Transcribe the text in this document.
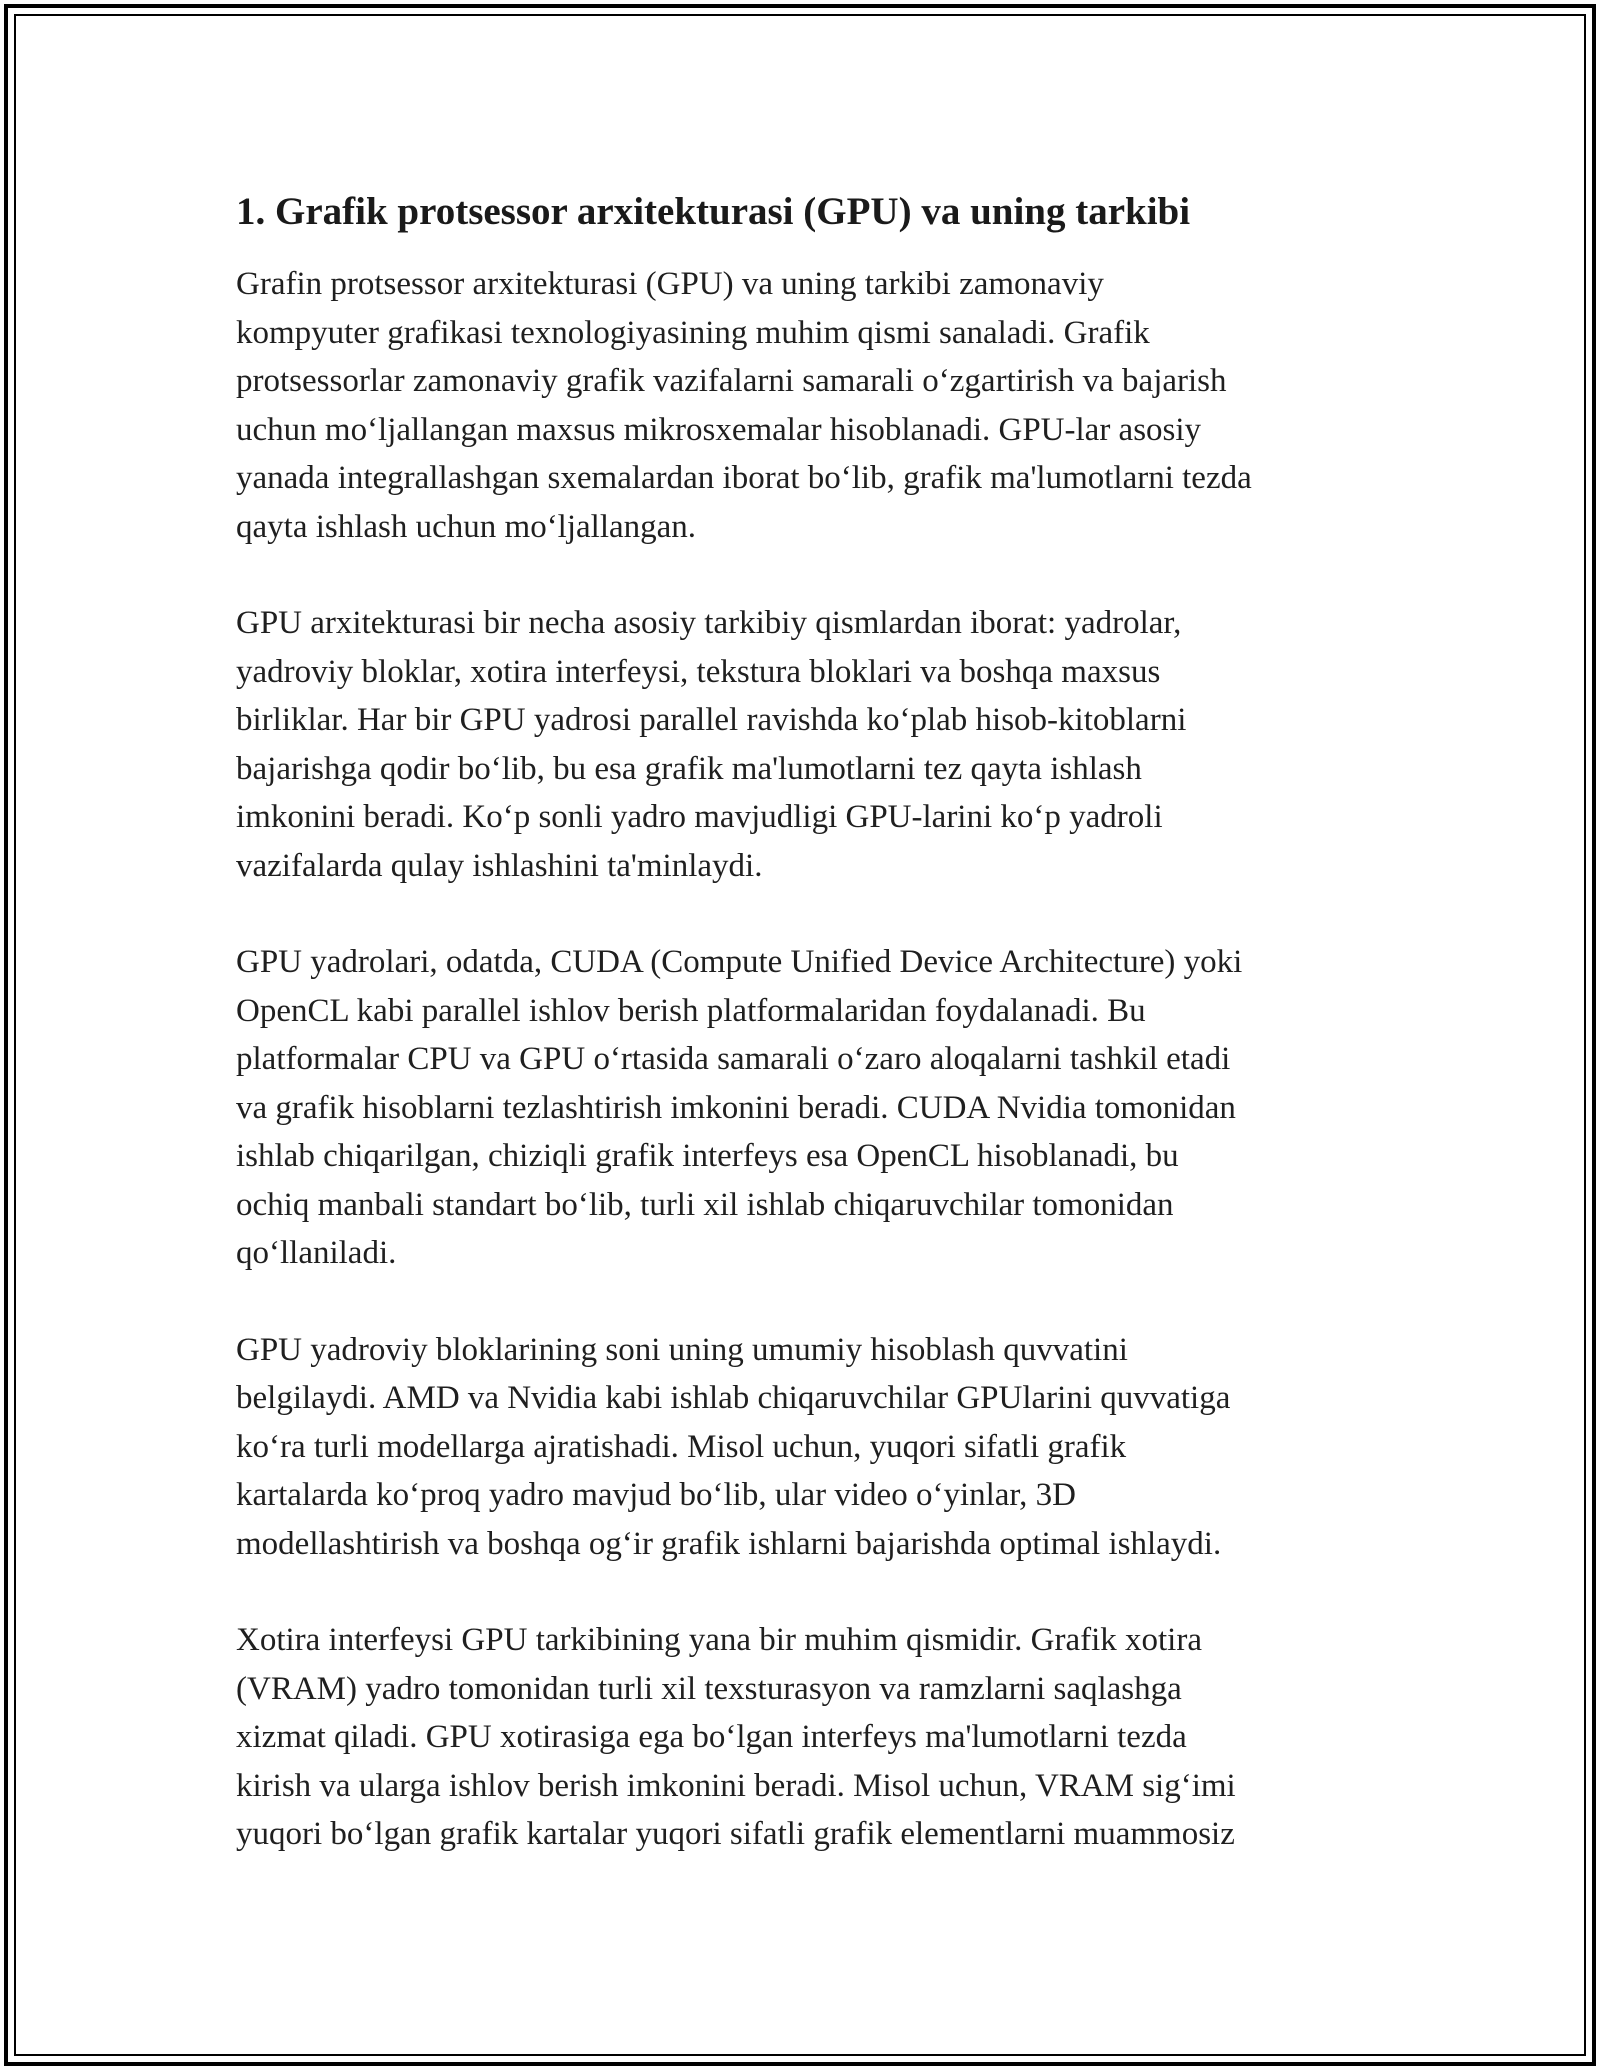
1. Grafik protsessor arxitekturasi (GPU) va uning tarkibi

Grafin protsessor arxitekturasi (GPU) va uning tarkibi zamonaviy
kompyuter grafikasi texnologiyasining muhim qismi sanaladi. Grafik
protsessorlar zamonaviy grafik vazifalarni samarali oʻzgartirish va bajarish
uchun moʻljallangan maxsus mikrosxemalar hisoblanadi. GPU-lar asosiy
yanada integrallashgan sxemalardan iborat boʻlib, grafik ma'lumotlarni tezda
qayta ishlash uchun moʻljallangan.

GPU arxitekturasi bir necha asosiy tarkibiy qismlardan iborat: yadrolar,
yadroviy bloklar, xotira interfeysi, tekstura bloklari va boshqa maxsus
birliklar. Har bir GPU yadrosi parallel ravishda koʻplab hisob-kitoblarni
bajarishga qodir boʻlib, bu esa grafik ma'lumotlarni tez qayta ishlash
imkonini beradi. Koʻp sonli yadro mavjudligi GPU-larini koʻp yadroli
vazifalarda qulay ishlashini ta'minlaydi.

GPU yadrolari, odatda, CUDA (Compute Unified Device Architecture) yoki
OpenCL kabi parallel ishlov berish platformalaridan foydalanadi. Bu
platformalar CPU va GPU oʻrtasida samarali oʻzaro aloqalarni tashkil etadi
va grafik hisoblarni tezlashtirish imkonini beradi. CUDA Nvidia tomonidan
ishlab chiqarilgan, chiziqli grafik interfeys esa OpenCL hisoblanadi, bu
ochiq manbali standart boʻlib, turli xil ishlab chiqaruvchilar tomonidan
qoʻllaniladi.

GPU yadroviy bloklarining soni uning umumiy hisoblash quvvatini
belgilaydi. AMD va Nvidia kabi ishlab chiqaruvchilar GPUlarini quvvatiga
koʻra turli modellarga ajratishadi. Misol uchun, yuqori sifatli grafik
kartalarda koʻproq yadro mavjud boʻlib, ular video oʻyinlar, 3D
modellashtirish va boshqa ogʻir grafik ishlarni bajarishda optimal ishlaydi.

Xotira interfeysi GPU tarkibining yana bir muhim qismidir. Grafik xotira
(VRAM) yadro tomonidan turli xil texsturasyon va ramzlarni saqlashga
xizmat qiladi. GPU xotirasiga ega boʻlgan interfeys ma'lumotlarni tezda
kirish va ularga ishlov berish imkonini beradi. Misol uchun, VRAM sigʻimi
yuqori boʻlgan grafik kartalar yuqori sifatli grafik elementlarni muammosiz
